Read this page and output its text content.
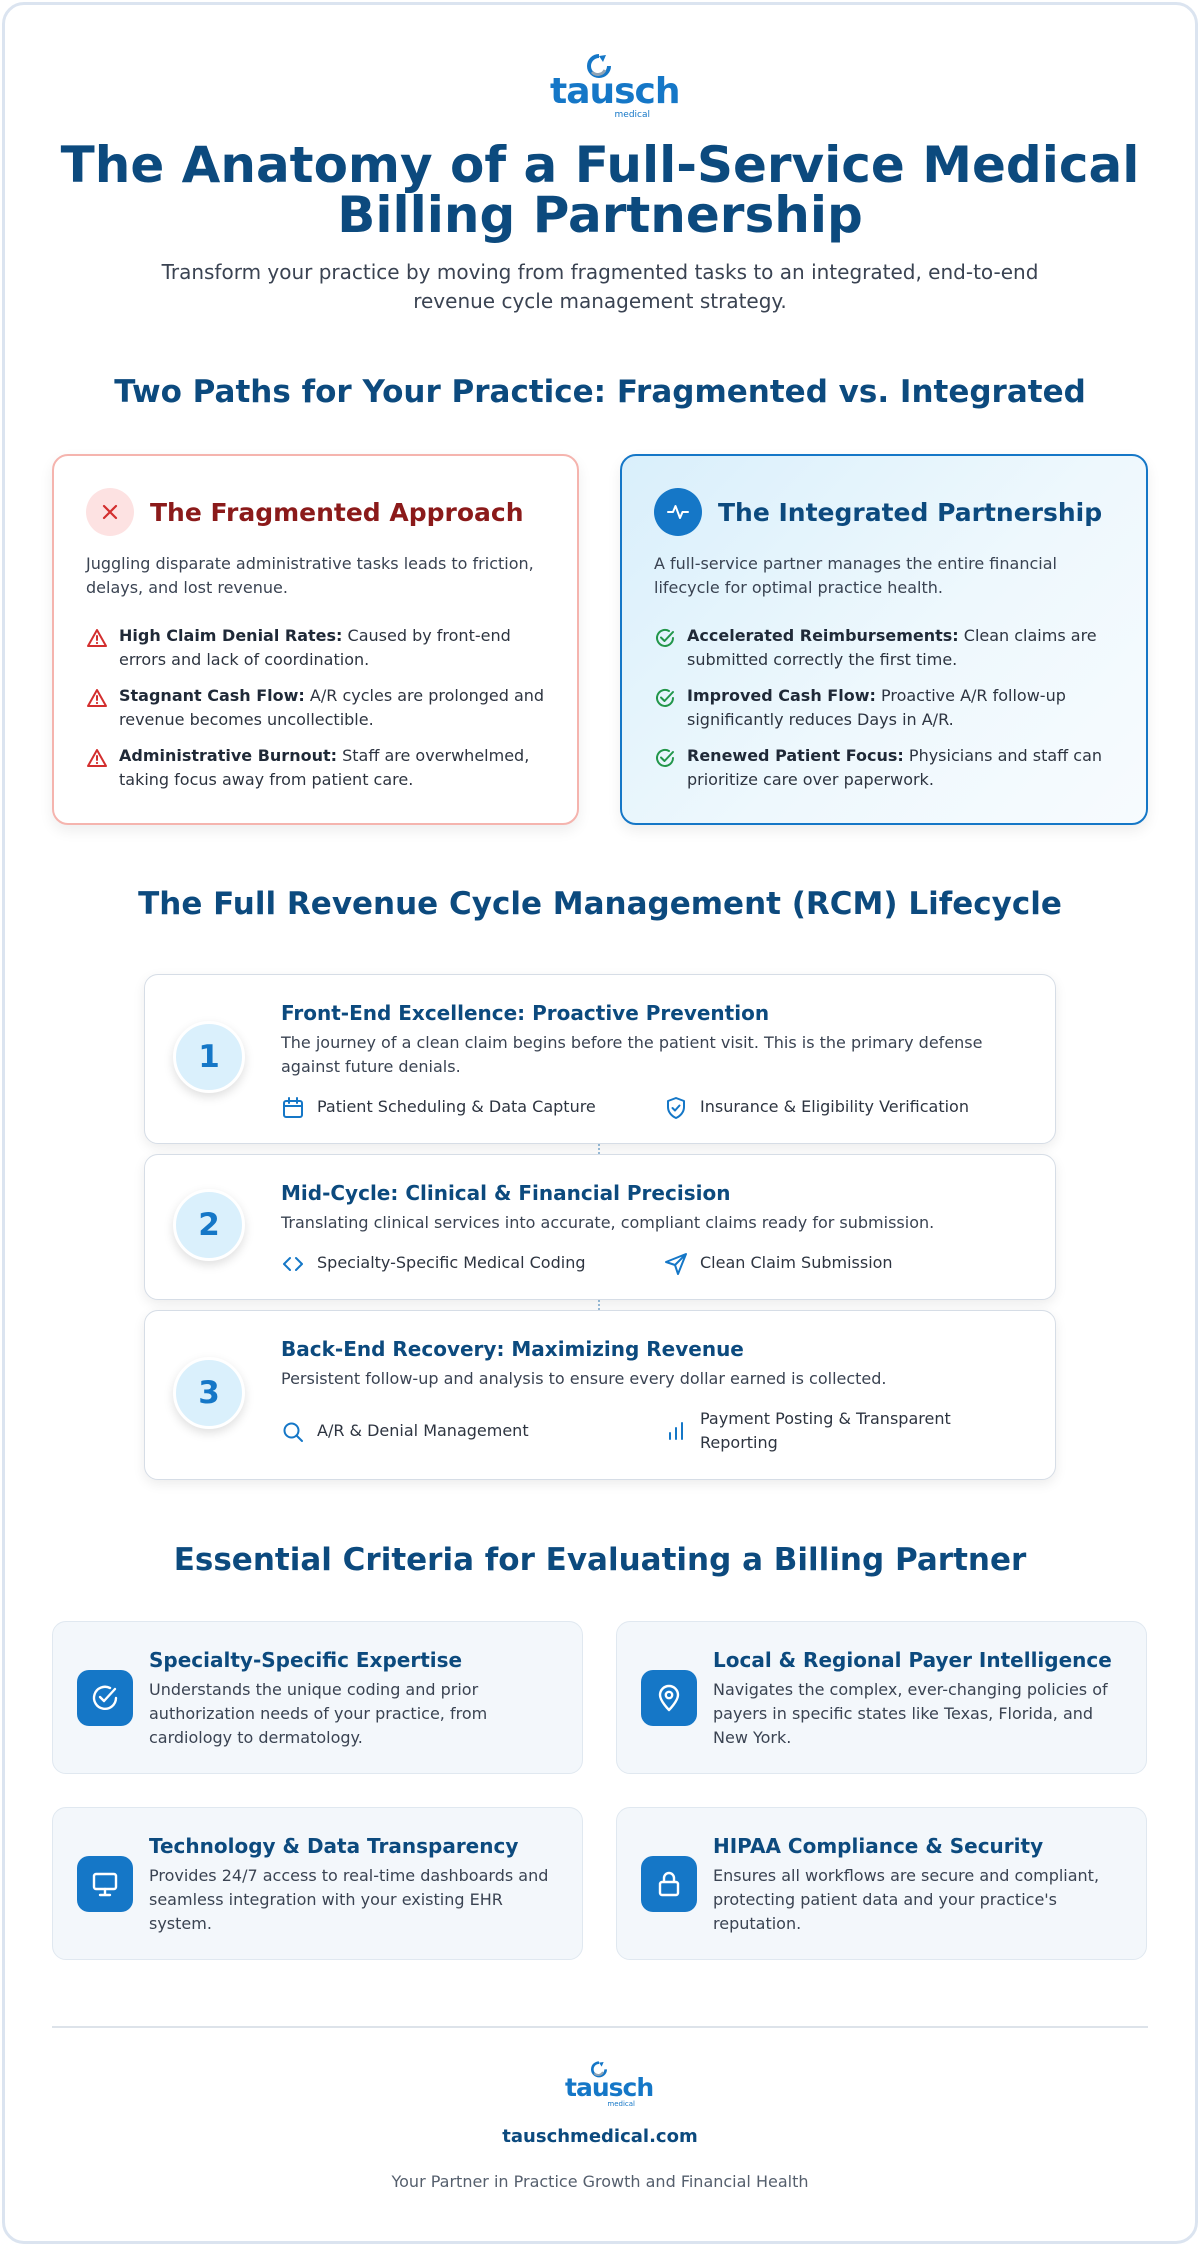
tausch
medical
The Anatomy of a Full-Service Medical Billing Partnership

Transform your practice by moving from fragmented tasks to an integrated, end-to-end revenue cycle management strategy.

Two Paths for Your Practice: Fragmented vs. Integrated
The Fragmented Approach
Juggling disparate administrative tasks leads to friction, delays, and lost revenue.
High Claim Denial Rates: Caused by front-end errors and lack of coordination.
Stagnant Cash Flow: A/R cycles are prolonged and revenue becomes uncollectible.
Administrative Burnout: Staff are overwhelmed, taking focus away from patient care.
The Integrated Partnership
A full-service partner manages the entire financial lifecycle for optimal practice health.
Accelerated Reimbursements: Clean claims are submitted correctly the first time.
Improved Cash Flow: Proactive A/R follow-up significantly reduces Days in A/R.
Renewed Patient Focus: Physicians and staff can prioritize care over paperwork.
The Full Revenue Cycle Management (RCM) Lifecycle
1
Front-End Excellence: Proactive Prevention
The journey of a clean claim begins before the patient visit. This is the primary defense against future denials.
Patient Scheduling & Data Capture	Insurance & Eligibility Verification
2
Mid-Cycle: Clinical & Financial Precision
Translating clinical services into accurate, compliant claims ready for submission.
Specialty-Specific Medical Coding	Clean Claim Submission
3
Back-End Recovery: Maximizing Revenue
Persistent follow-up and analysis to ensure every dollar earned is collected.
A/R & Denial Management
Payment Posting & Transparent Reporting
Essential Criteria for Evaluating a Billing Partner
Specialty-Specific Expertise
Understands the unique coding and prior authorization needs of your practice, from cardiology to dermatology.
Local & Regional Payer Intelligence
Navigates the complex, ever-changing policies of payers in specific states like Texas, Florida, and New York.
Technology & Data Transparency
Provides 24/7 access to real-time dashboards and seamless integration with your existing EHR system.
HIPAA Compliance & Security
Ensures all workflows are secure and compliant, protecting patient data and your practice's reputation.
tausch
medical
tauschmedical.com
Your Partner in Practice Growth and Financial Health
